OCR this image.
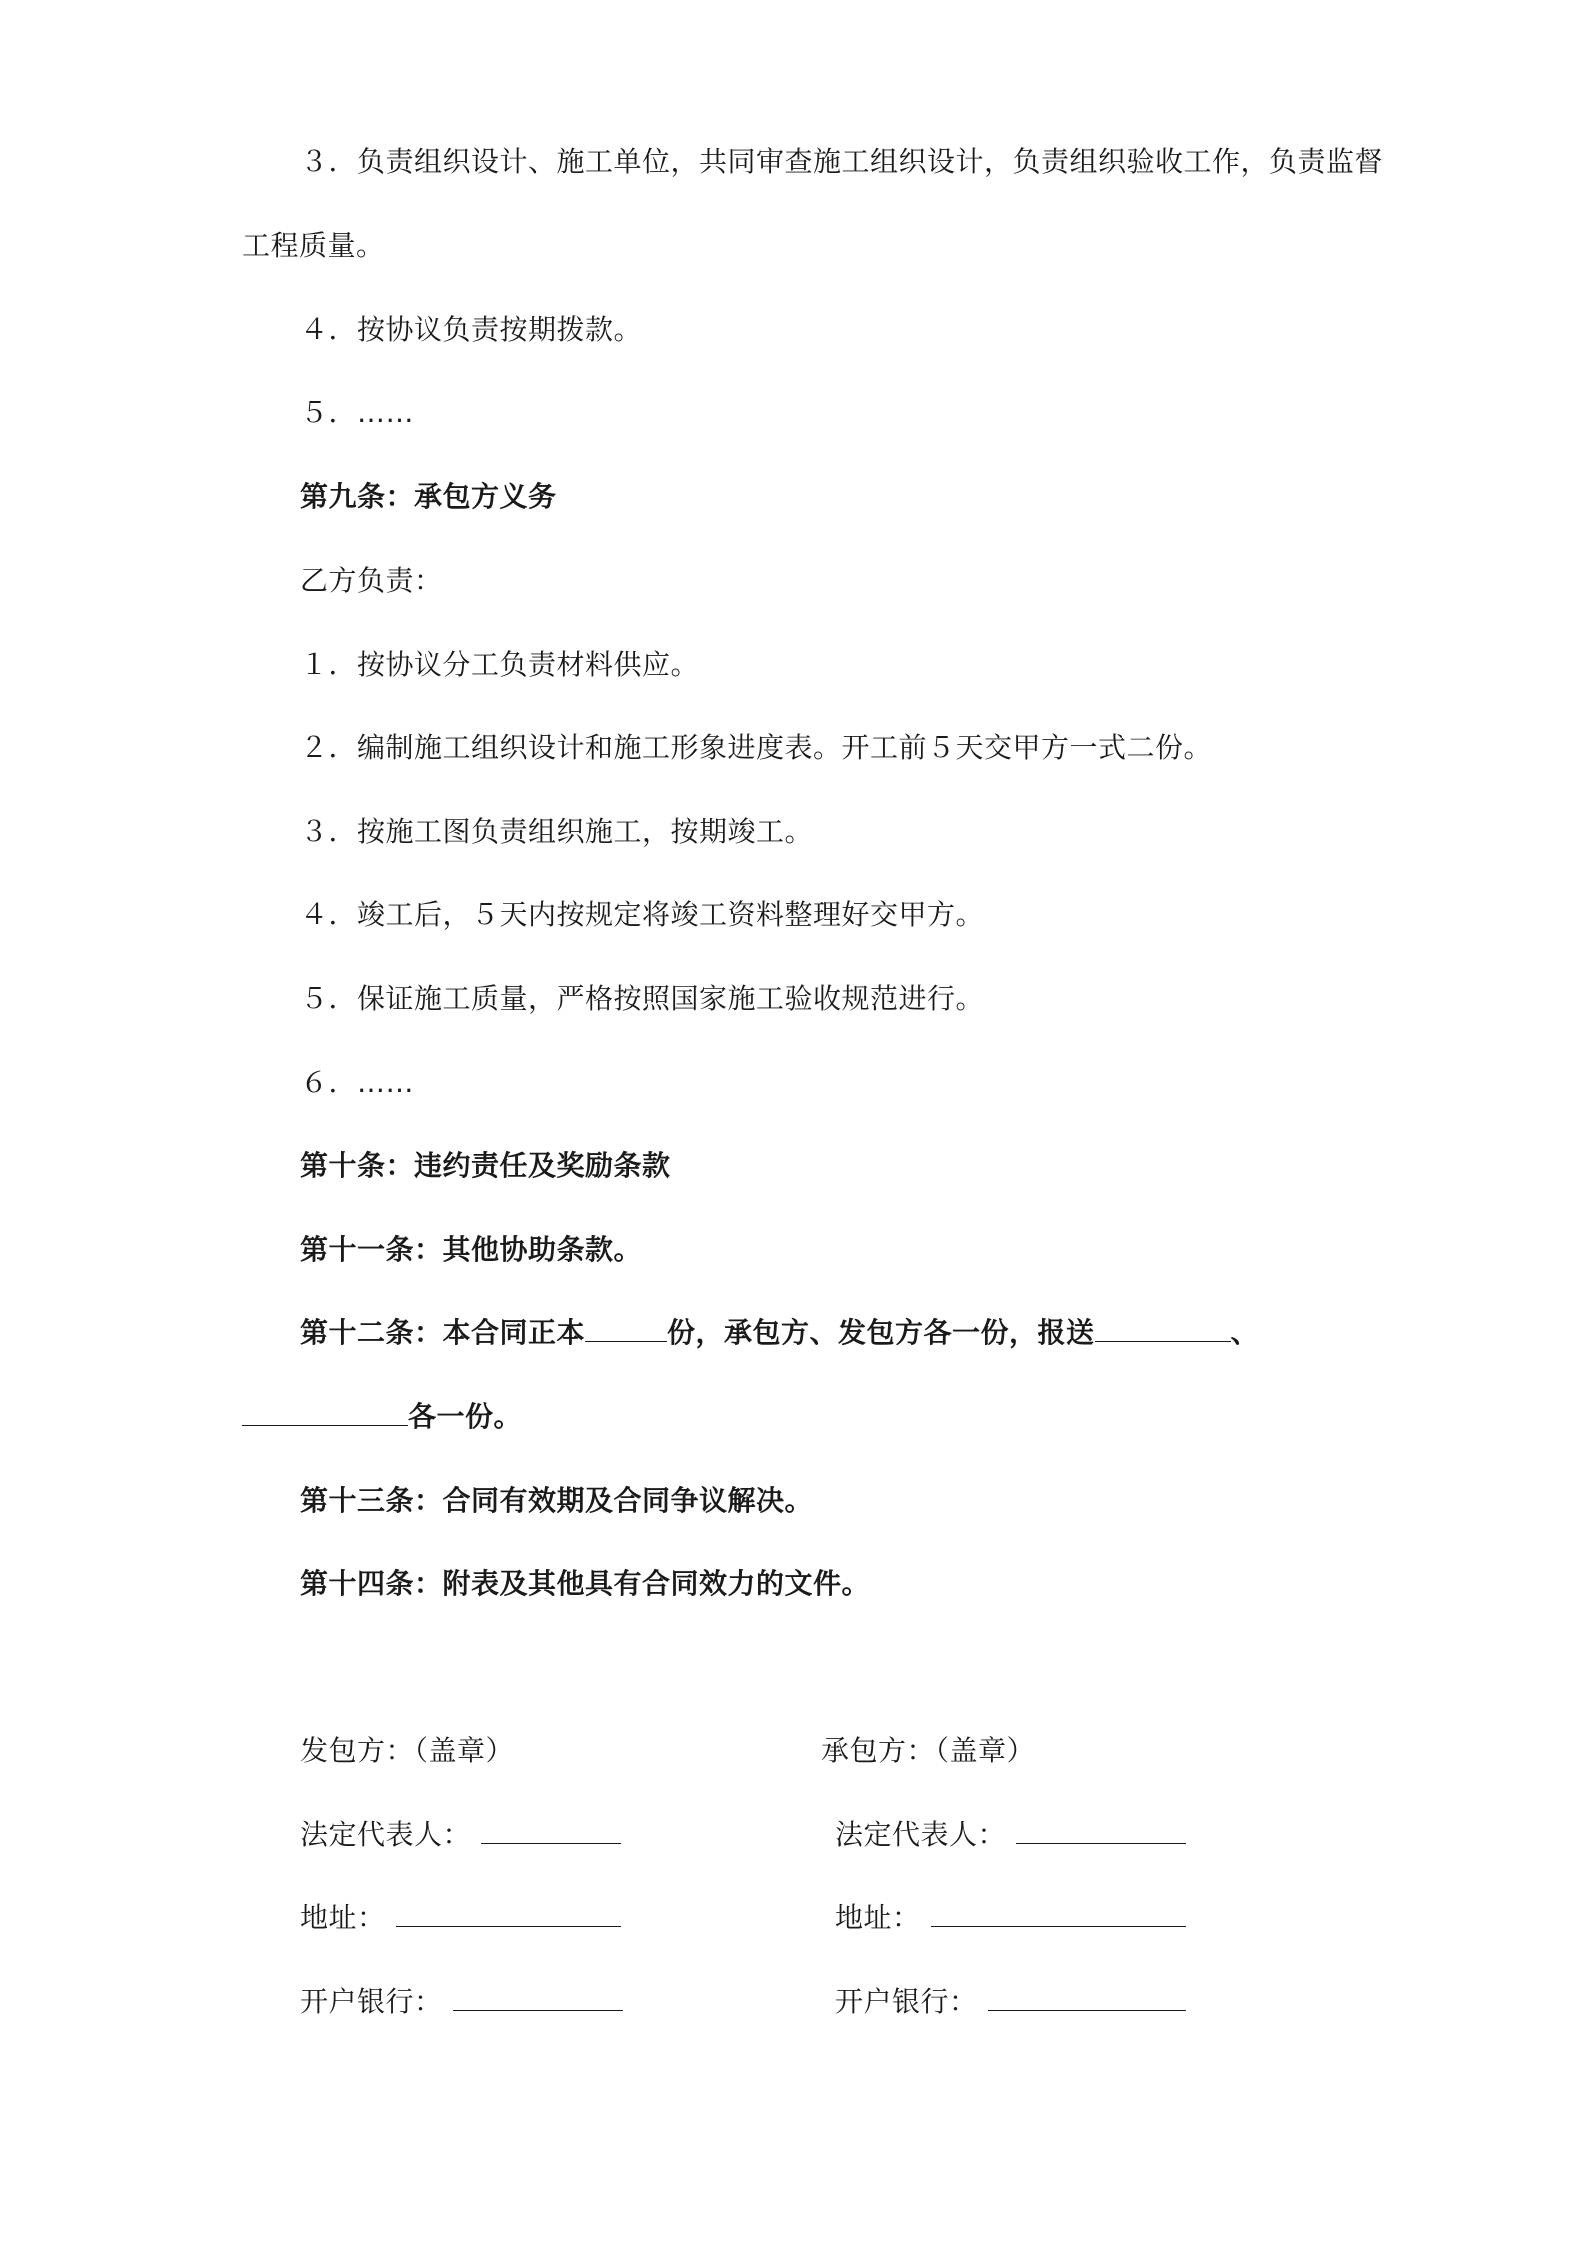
３．负责组织设计、施工单位，共同审查施工组织设计，负责组织验收工作，负责监督
工程质量。
４．按协议负责按期拨款。
５．……
第九条：承包方义务
乙方负责：
１．按协议分工负责材料供应。
２．编制施工组织设计和施工形象进度表。开工前５天交甲方一式二份。
３．按施工图负责组织施工，按期竣工。
４．竣工后，５天内按规定将竣工资料整理好交甲方。
５．保证施工质量，严格按照国家施工验收规范进行。
６．……
第十条：违约责任及奖励条款
第十一条：其他协助条款。
第十二条：本合同正本	份，承包方、发包方各一份，报送	、
各一份。
第十三条：合同有效期及合同争议解决。
第十四条：附表及其他具有合同效力的文件。
发包方：（盖章）
法定代表人：
地址：
开户银行：
承包方：（盖章）
法定代表人：
地址：
开户银行：
